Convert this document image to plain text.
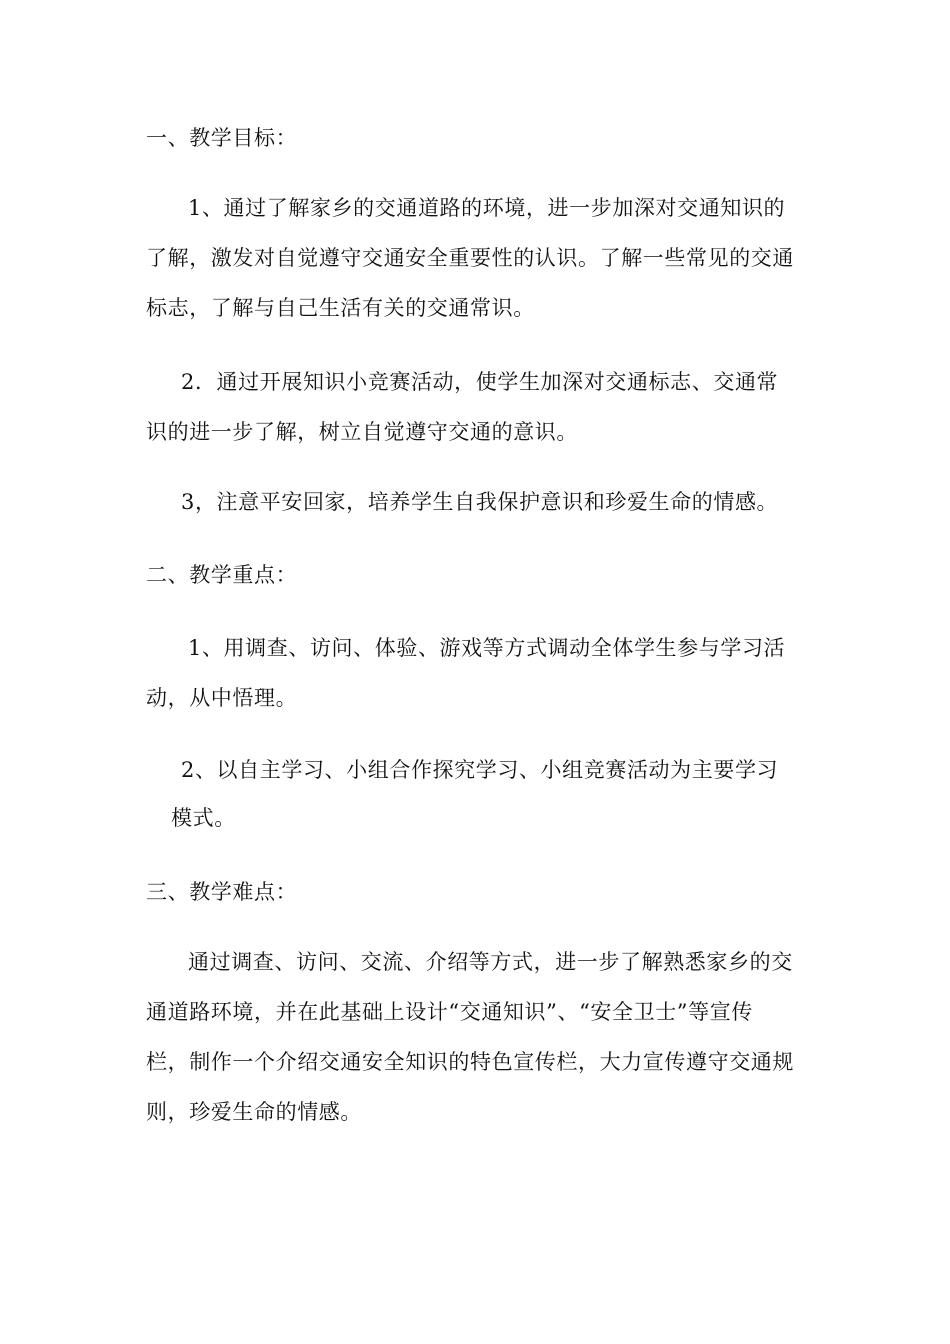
一、教学目标：
1、通过了解家乡的交通道路的环境，进一步加深对交通知识的
了解，激发对自觉遵守交通安全重要性的认识。了解一些常见的交通
标志，了解与自己生活有关的交通常识。
2．通过开展知识小竞赛活动，使学生加深对交通标志、交通常
识的进一步了解，树立自觉遵守交通的意识。
3，注意平安回家，培养学生自我保护意识和珍爱生命的情感。
二、教学重点：
1、用调查、访问、体验、游戏等方式调动全体学生参与学习活
动，从中悟理。
2、以自主学习、小组合作探究学习、小组竞赛活动为主要学习
模式。
三、教学难点：
通过调查、访问、交流、介绍等方式，进一步了解熟悉家乡的交
通道路环境，并在此基础上设计“交通知识”、“安全卫士”等宣传
栏，制作一个介绍交通安全知识的特色宣传栏，大力宣传遵守交通规
则，珍爱生命的情感。
